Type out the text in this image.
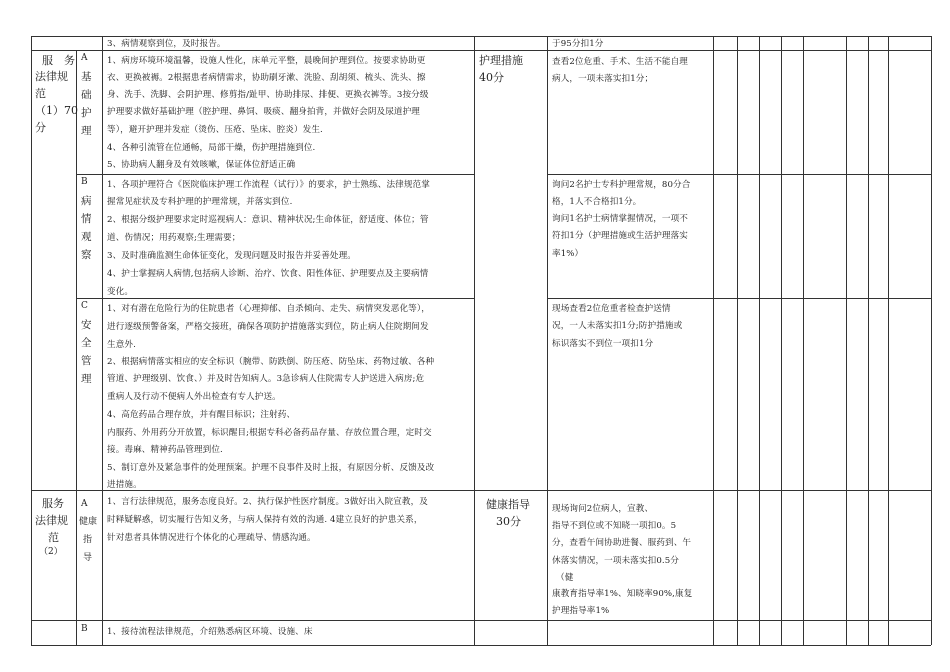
3、病情观察到位，及时报告。	于95分扣1分
服　务
法律规
范
（1）70
分
护理措施
40分
A
基
础
护
理
1、病房环境环境温馨，设施人性化，床单元平整，晨晚间护理到位。按要求协助更
衣、更换被褥。2根据患者病情需求，协助刷牙漱、洗脸、刮胡须、梳头、洗头、擦
身、洗手、洗脚、会阴护理、修剪指/趾甲、协助排尿、排便、更换衣裤等。3按分级
护理要求做好基础护理（腔护理、鼻饲、吸痰、翻身拍背，并做好会阴及尿道护理
等），避开护理并发症（烫伤、压疮、坠床、腔炎）发生.
4、各种引流管在位通畅，局部干燥，伤护理措施到位.
5、协助病人翻身及有效咳嗽，保证体位舒适正确
查看2位危重、手术、生活不能自理
病人，一项未落实扣1分；
B
病
情
观
察
1、各项护理符合《医院临床护理工作流程（试行）》的要求，护士熟练、法律规范掌
握常见症状及专科护理的护理常规，并落实到位.
2、根据分级护理要求定时巡视病人：意识、精神状况;生命体征，舒适度、体位；管
道、伤情况；用药观察;生理需要；
3、及时准确监测生命体征变化，发现问题及时报告并妥善处理。
4、护士掌握病人病情,包括病人诊断、治疗、饮食、阳性体征、护理要点及主要病情
变化。
询问2名护士专科护理常规，80分合
格，1人不合格扣1分。
询问1名护士病情掌握情况，一项不
符扣1分（护理措施或生活护理落实
率1%）
C
安
全
管
理
1、对有潜在危险行为的住院患者（心理抑郁、自杀倾向、走失、病情突发恶化等），
进行逐级预警备案，严格交接班，确保各项防护措施落实到位，防止病人住院期间发
生意外.
2、根据病情落实相应的安全标识（腕带、防跌倒、防压疮、防坠床、药物过敏、各种
管道、护理级别、饮食、）并及时告知病人。3急诊病人住院需专人护送进入病房;危
重病人及行动不便病人外出检查有专人护送。
4、高危药品合理存放，并有醒目标识；注射药、
内服药、外用药分开放置，标识醒目;根据专科必备药品存量、存放位置合理，定时交
接。毒麻、精神药品管理到位.
5、制订意外及紧急事件的处理预案。护理不良事件及时上报，有原因分析、反馈及改
进措施。
现场查看2位危重者检查护送情
况，一人未落实扣1分;防护措施或
标识落实不到位一项扣1分
服务
法律规
范
（2）
健康指导
30分
A
健康
指
导
1、言行法律规范，服务态度良好。2、执行保护性医疗制度。3做好出入院宣教，及
时释疑解惑，切实履行告知义务，与病人保持有效的沟通. 4建立良好的护患关系，
针对患者具体情况进行个体化的心理疏导、情感沟通。
现场询问2位病人，宣教、
指导不到位或不知晓一项扣0。5
分，查看午间协助进餐、服药到、午
休落实情况，一项未落实扣0.5分
（健
康教育指导率1%、知晓率90%,康复
护理指导率1%
B 1、接待流程法律规范，介绍熟悉病区环境、设施、床
